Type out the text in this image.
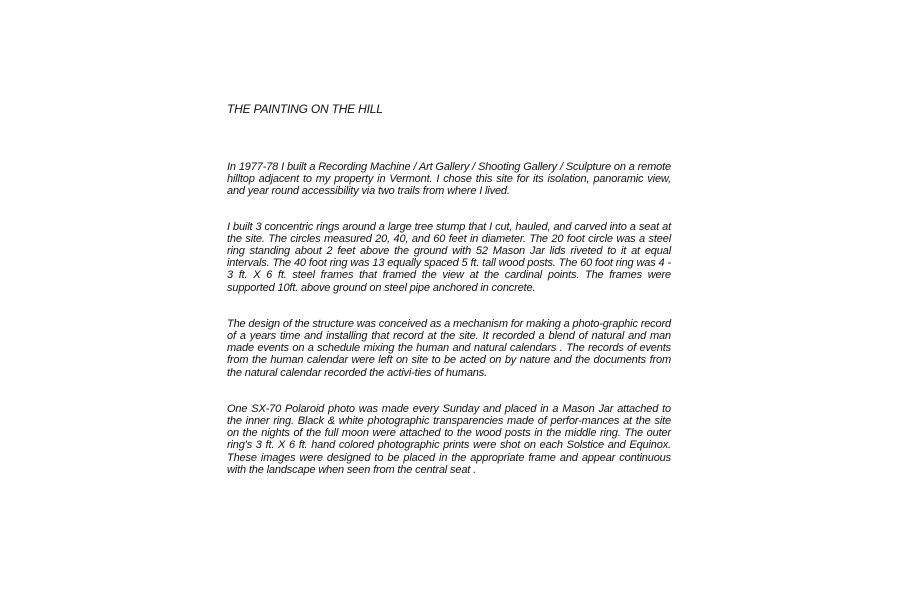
THE PAINTING ON THE HILL

In 1977-78 I built a Recording Machine / Art Gallery / Shooting Gallery / Sculpture on a remote hilltop adjacent to my property in Vermont. I chose this site for its isolation, panoramic view, and year round accessibility via two trails from where I lived.

I built 3 concentric rings around a large tree stump that I cut, hauled, and carved into a seat at the site. The circles measured 20, 40, and 60 feet in diameter. The 20 foot circle was a steel ring standing about 2 feet above the ground with 52 Mason Jar lids riveted to it at equal intervals. The 40 foot ring was 13 equally spaced 5 ft. tall wood posts. The 60 foot ring was 4 - 3 ft. X 6 ft. steel frames that framed the view at the cardinal points. The frames were supported 10ft. above ground on steel pipe anchored in concrete.

The design of the structure was conceived as a mechanism for making a photo-graphic record of a years time and installing that record at the site. It recorded a blend of natural and man made events on a schedule mixing the human and natural calendars . The records of events from the human calendar were left on site to be acted on by nature and the documents from the natural calendar recorded the activi-ties of humans.

One SX-70 Polaroid photo was made every Sunday and placed in a Mason Jar attached to the inner ring. Black & white photographic transparencies made of perfor-mances at the site on the nights of the full moon were attached to the wood posts in the middle ring. The outer ring's 3 ft. X 6 ft. hand colored photographic prints were shot on each Solstice and Equinox. These images were designed to be placed in the appropriate frame and appear continuous with the landscape when seen from the central seat .
